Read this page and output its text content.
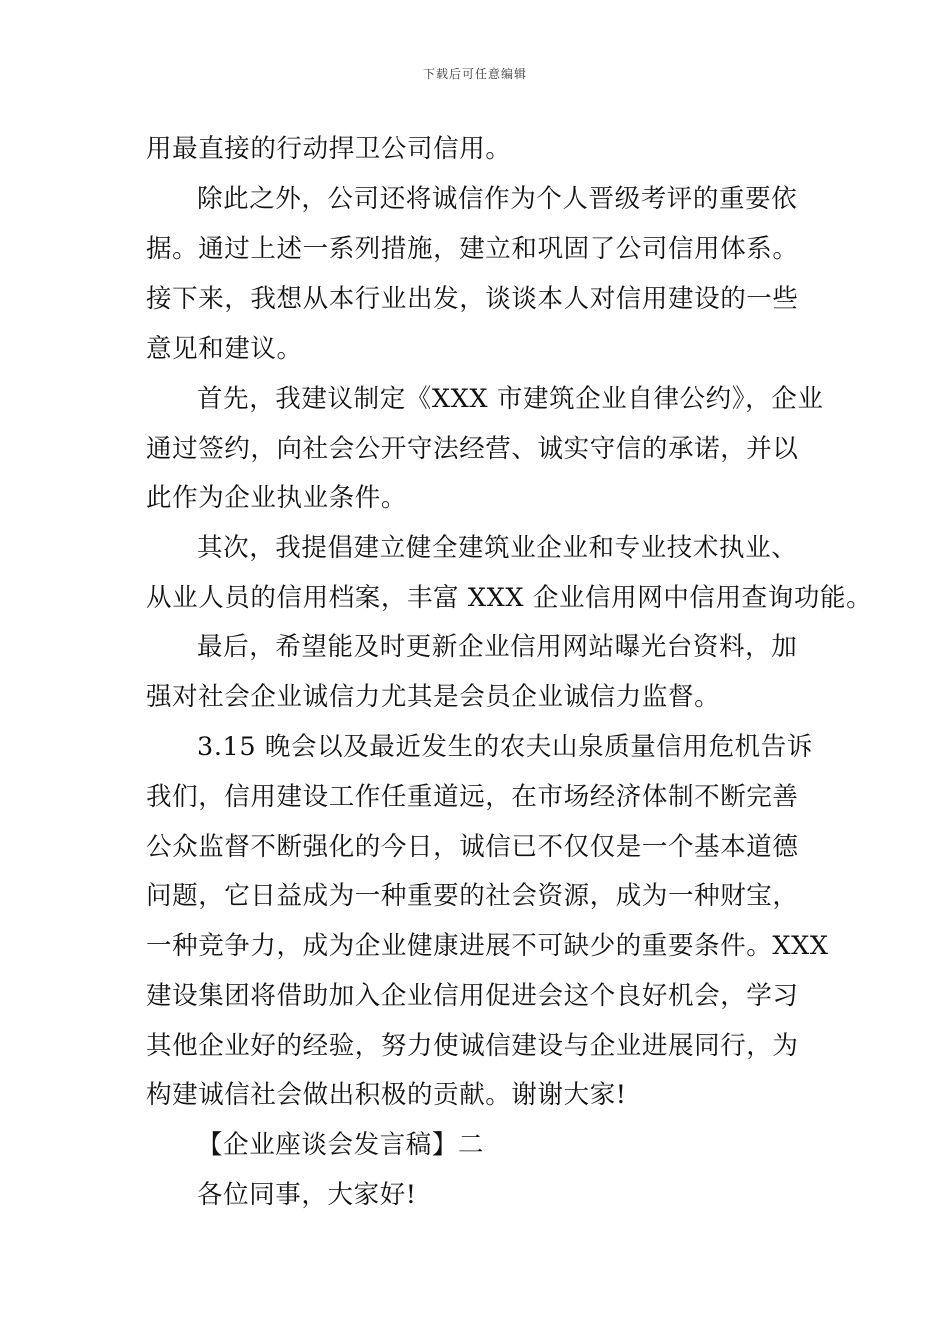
下载后可任意编辑
用最直接的行动捍卫公司信用。
除此之外，公司还将诚信作为个人晋级考评的重要依
据。通过上述一系列措施，建立和巩固了公司信用体系。
接下来，我想从本行业出发，谈谈本人对信用建设的一些
意见和建议。
首先，我建议制定《XXX 市建筑企业自律公约》，企业
通过签约，向社会公开守法经营、诚实守信的承诺，并以
此作为企业执业条件。
其次，我提倡建立健全建筑业企业和专业技术执业、
从业人员的信用档案，丰富 XXX 企业信用网中信用查询功能。
最后，希望能及时更新企业信用网站曝光台资料，加
强对社会企业诚信力尤其是会员企业诚信力监督。
3.15 晚会以及最近发生的农夫山泉质量信用危机告诉
我们，信用建设工作任重道远，在市场经济体制不断完善
公众监督不断强化的今日，诚信已不仅仅是一个基本道德
问题，它日益成为一种重要的社会资源，成为一种财宝，
一种竞争力，成为企业健康进展不可缺少的重要条件。XXX
建设集团将借助加入企业信用促进会这个良好机会，学习
其他企业好的经验，努力使诚信建设与企业进展同行，为
构建诚信社会做出积极的贡献。谢谢大家!
【企业座谈会发言稿】二
各位同事，大家好!
